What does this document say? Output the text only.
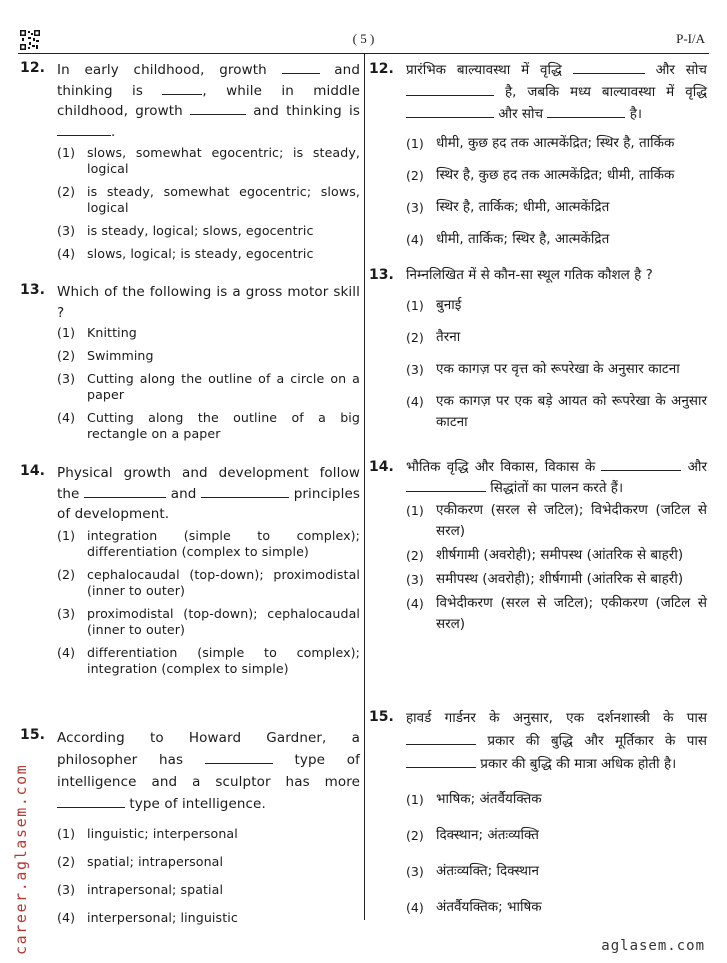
( 5 )	P-I/A
12. In early childhood, growth	and thinking is	, while in middle childhood, growth	and thinking is .
(1) slows, somewhat egocentric; is steady, logical
(2) is steady, somewhat egocentric; slows, logical
(3) is steady, logical; slows, egocentric
(4) slows, logical; is steady, egocentric
13. Which of the following is a gross motor skill ?
(1) Knitting
(2) Swimming
(3) Cutting along the outline of a circle on a paper
(4) Cutting along the outline of a big rectangle on a paper
14. Physical growth and development follow the	and	principles of development.
(1) integration (simple to complex); differentiation (complex to simple)
(2) cephalocaudal (top-down); proximodistal (inner to outer)
(3) proximodistal (top-down); cephalocaudal (inner to outer)
(4) differentiation (simple to complex); integration (complex to simple)
15. According to Howard Gardner, a philosopher has	type of intelligence and a sculptor has more  type of intelligence.
(1) linguistic; interpersonal
(2) spatial; intrapersonal
(3) intrapersonal; spatial
(4) interpersonal; linguistic
12. प्रारंभिक बाल्यावस्था में वृद्धि	और सोच  है, जबकि मध्य बाल्यावस्था में वृद्धि  और सोच	है।
(1) धीमी, कुछ हद तक आत्मकेंद्रित; स्थिर है, तार्किक
(2) स्थिर है, कुछ हद तक आत्मकेंद्रित; धीमी, तार्किक
(3) स्थिर है, तार्किक; धीमी, आत्मकेंद्रित
(4) धीमी, तार्किक; स्थिर है, आत्मकेंद्रित
13. निम्नलिखित में से कौन-सा स्थूल गतिक कौशल है ?
(1) बुनाई
(2) तैरना
(3) एक कागज़ पर वृत्त को रूपरेखा के अनुसार काटना
(4) एक कागज़ पर एक बड़े आयत को रूपरेखा के अनुसार काटना
14. भौतिक वृद्धि और विकास, विकास के	और  सिद्धांतों का पालन करते हैं।
(1) एकीकरण (सरल से जटिल); विभेदीकरण (जटिल से सरल)
(2) शीर्षगामी (अवरोही); समीपस्थ (आंतरिक से बाहरी)
(3) समीपस्थ (अवरोही); शीर्षगामी (आंतरिक से बाहरी)
(4) विभेदीकरण (सरल से जटिल); एकीकरण (जटिल से सरल)
15. हावर्ड गार्डनर के अनुसार, एक दर्शनशास्त्री के पास  प्रकार की बुद्धि और मूर्तिकार के पास  प्रकार की बुद्धि की मात्रा अधिक होती है।
(1) भाषिक; अंतर्वैयक्तिक
(2) दिक्स्थान; अंतःव्यक्ति
(3) अंतःव्यक्ति; दिक्स्थान
(4) अंतर्वैयक्तिक; भाषिक
career.aglasem.com	aglasem.com
